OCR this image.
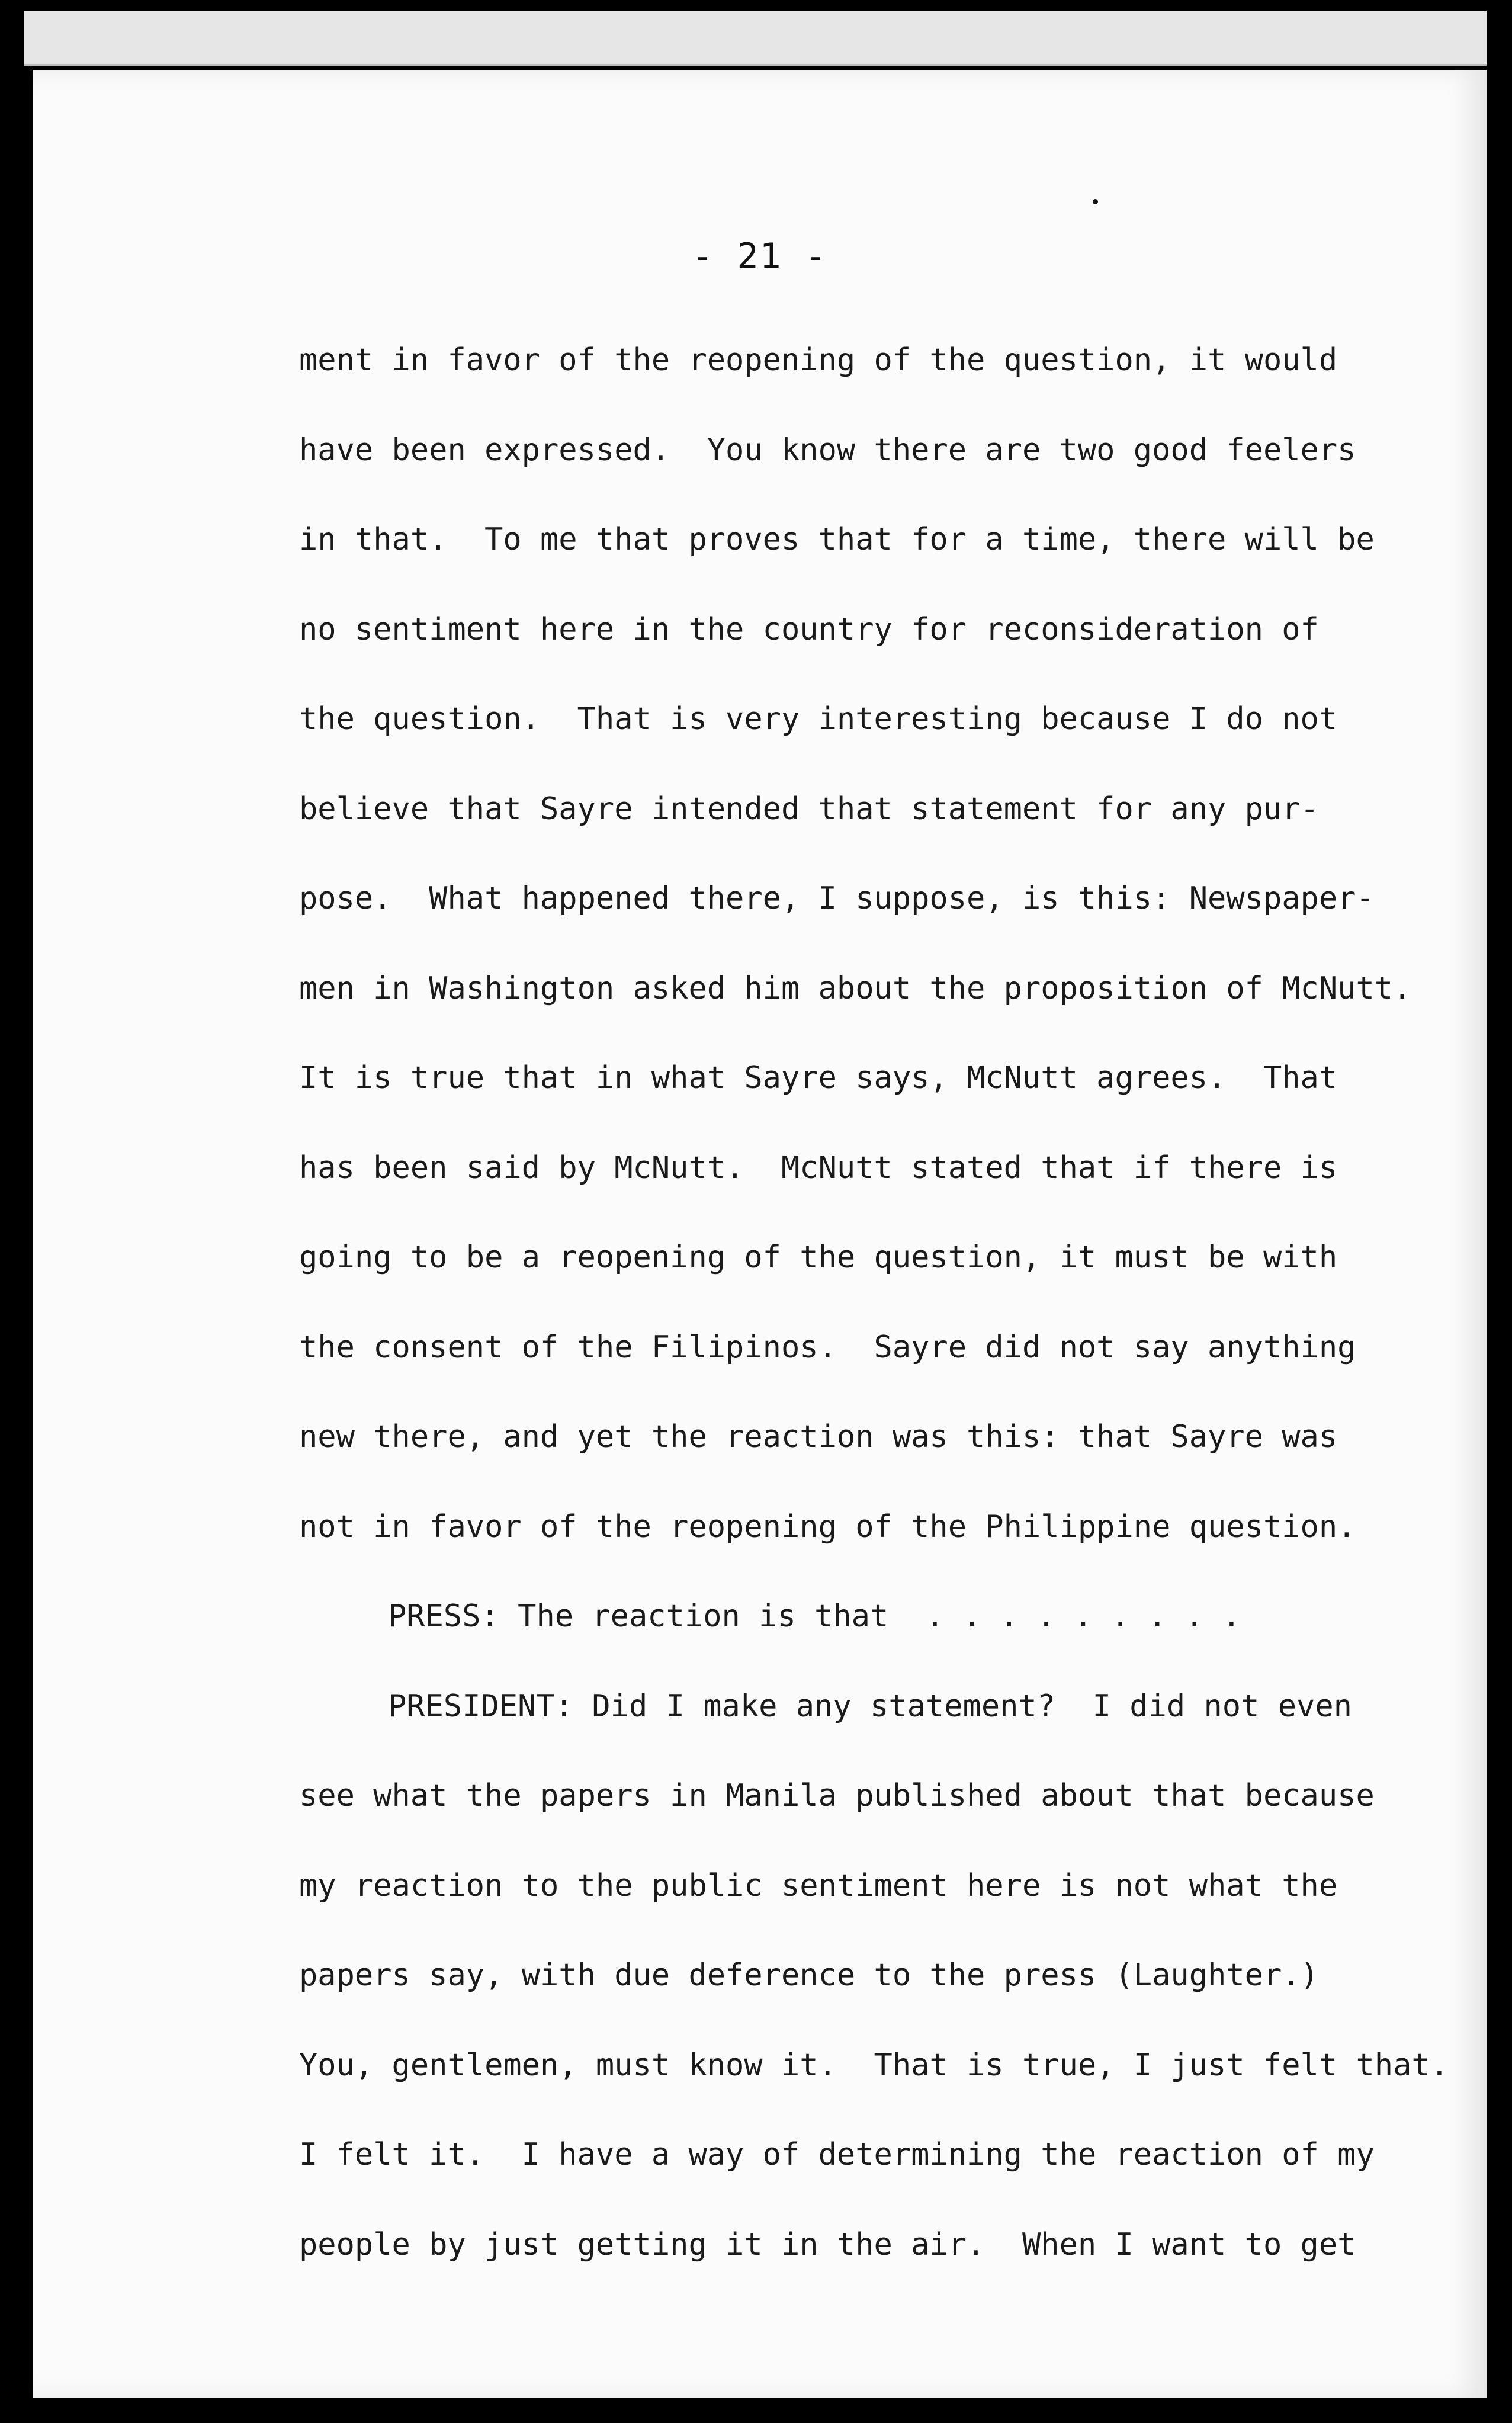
- 21 -
ment in favor of the reopening of the question, it would
have been expressed.  You know there are two good feelers
in that.  To me that proves that for a time, there will be
no sentiment here in the country for reconsideration of
the question.  That is very interesting because I do not
believe that Sayre intended that statement for any pur-
pose.  What happened there, I suppose, is this: Newspaper-
men in Washington asked him about the proposition of McNutt.
It is true that in what Sayre says, McNutt agrees.  That
has been said by McNutt.  McNutt stated that if there is
going to be a reopening of the question, it must be with
the consent of the Filipinos.  Sayre did not say anything
new there, and yet the reaction was this: that Sayre was
not in favor of the reopening of the Philippine question.
PRESS: The reaction is that  . . . . . . . . .
PRESIDENT: Did I make any statement?  I did not even
see what the papers in Manila published about that because
my reaction to the public sentiment here is not what the
papers say, with due deference to the press (Laughter.)
You, gentlemen, must know it.  That is true, I just felt that.
I felt it.  I have a way of determining the reaction of my
people by just getting it in the air.  When I want to get
